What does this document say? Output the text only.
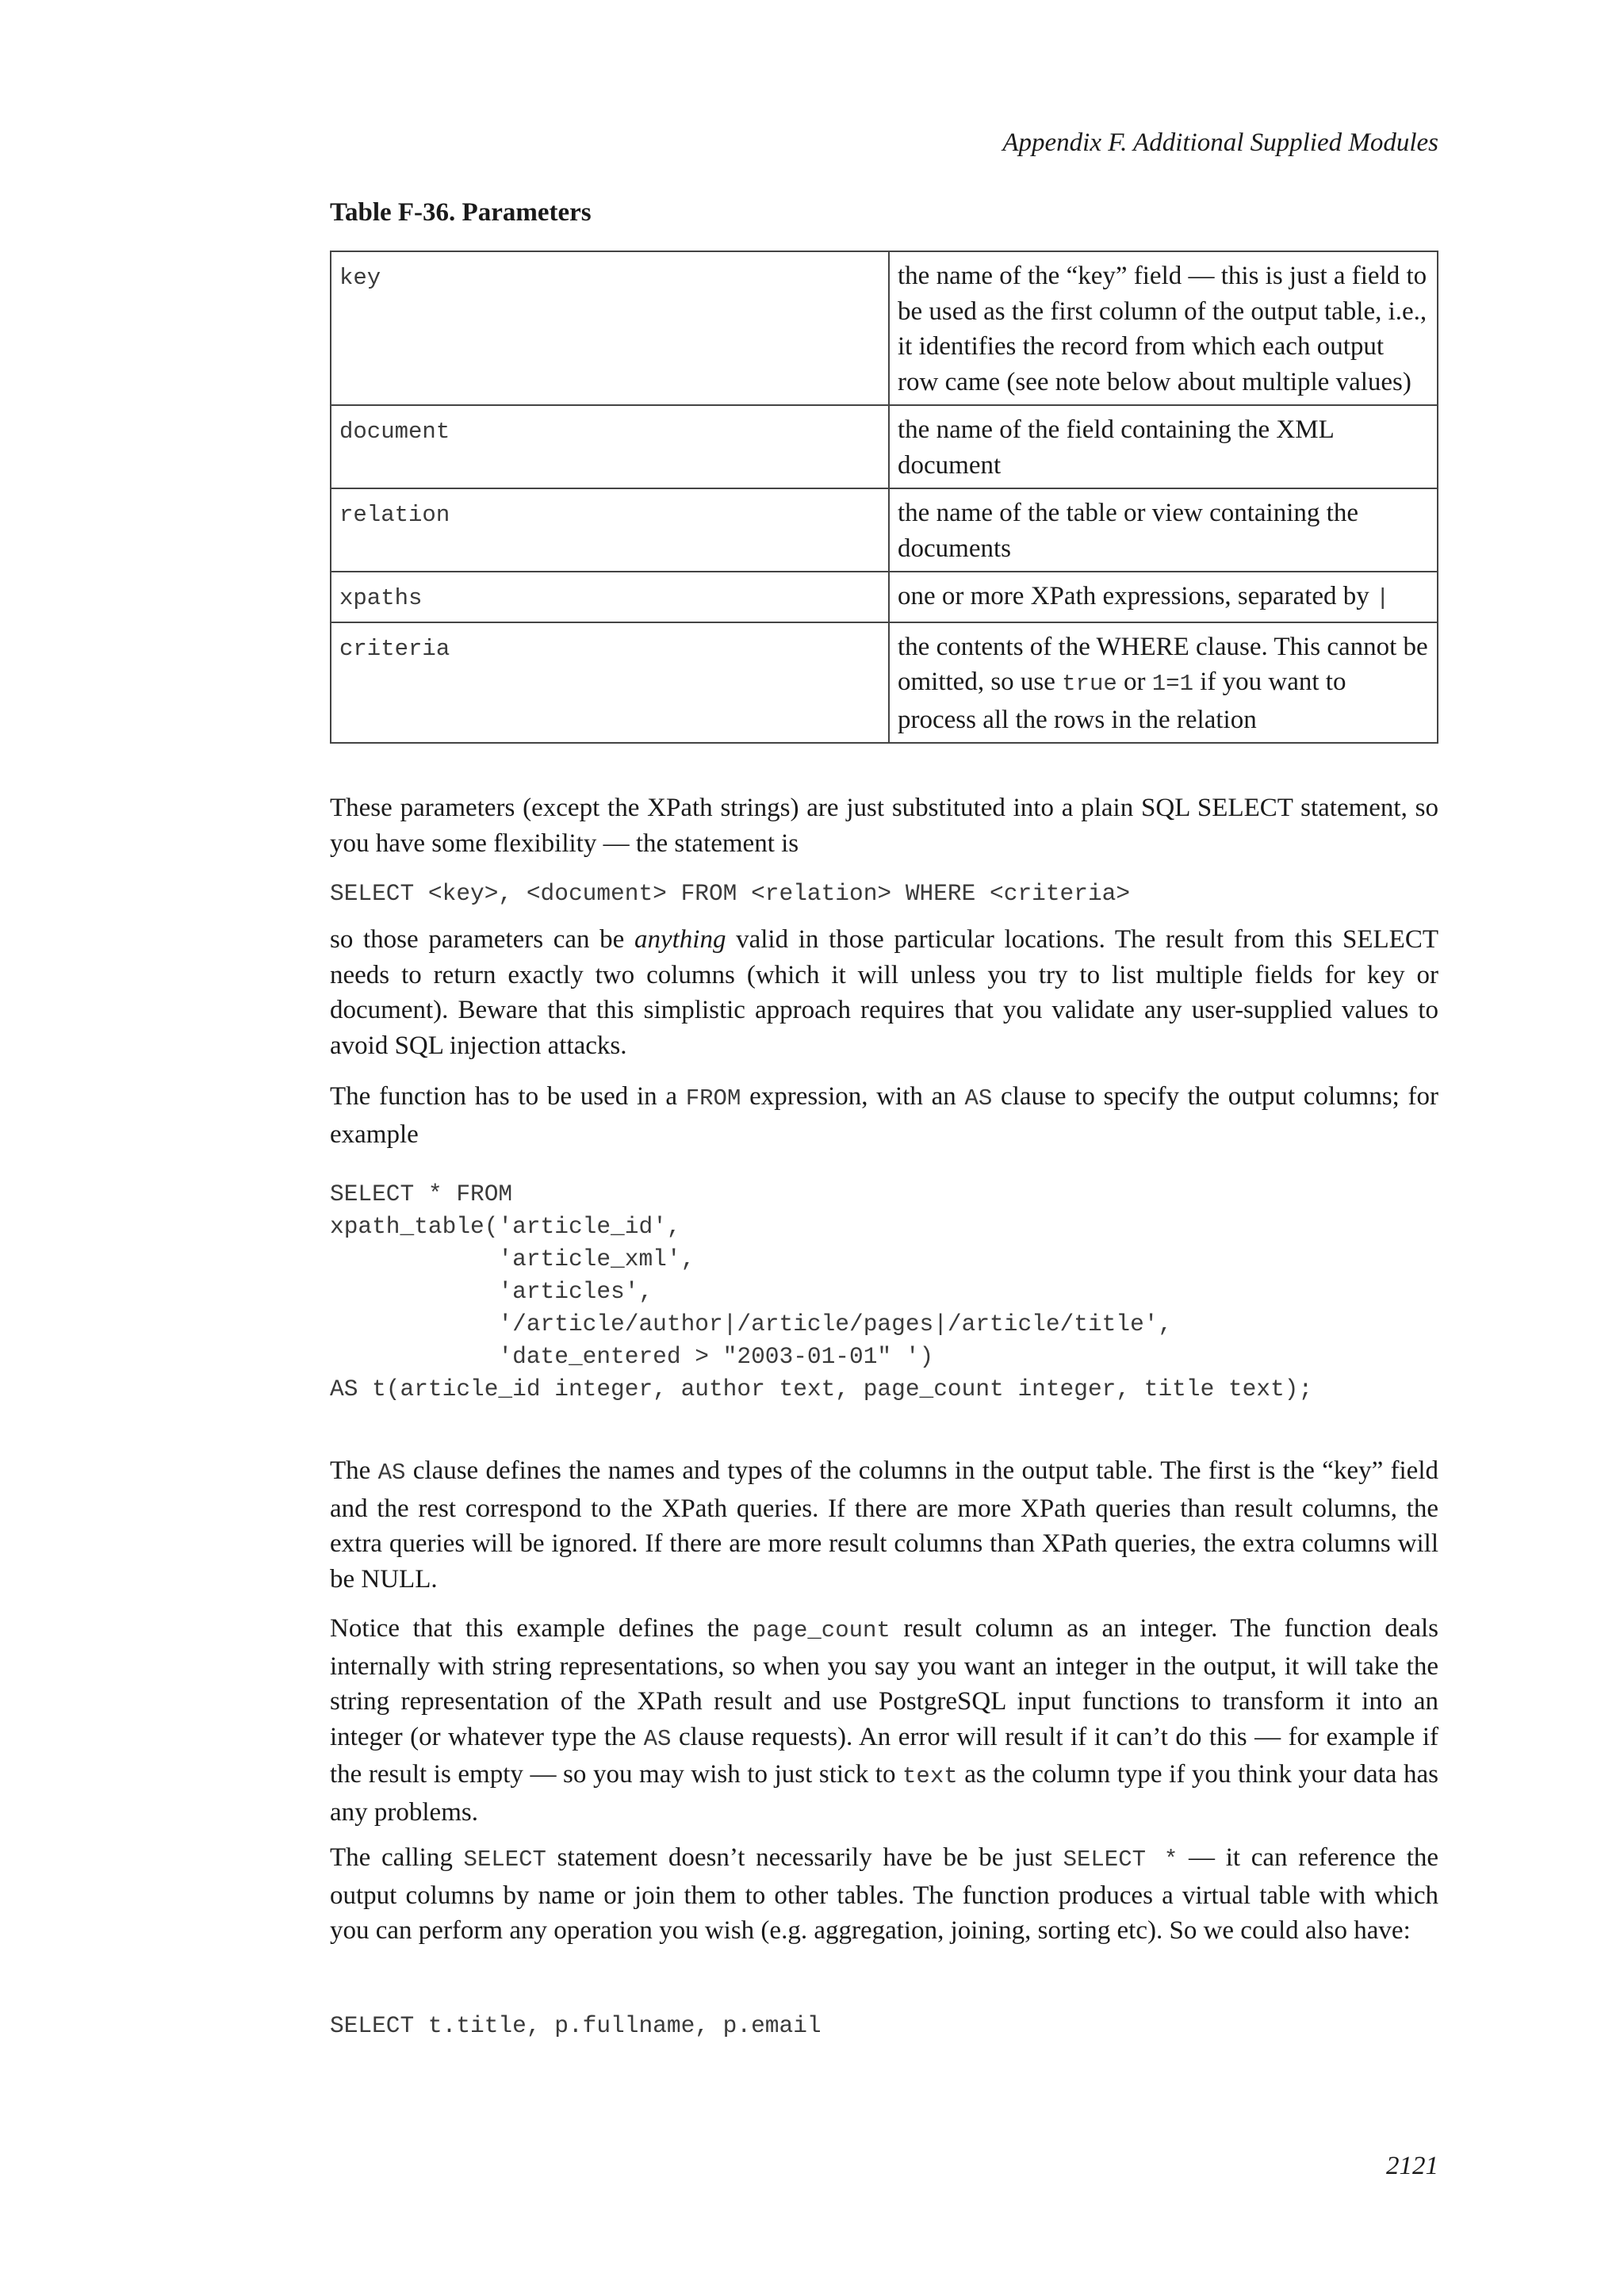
Appendix F. Additional Supplied Modules
Table F-36. Parameters
key	the name of the “key” field — this is just a field to be used as the first column of the output table, i.e., it identifies the record from which each output row came (see note below about multiple values)
document	the name of the field containing the XML document
relation	the name of the table or view containing the documents
xpaths	one or more XPath expressions, separated by |
criteria	the contents of the WHERE clause. This cannot be omitted, so use true or 1=1 if you want to process all the rows in the relation

These parameters (except the XPath strings) are just substituted into a plain SQL SELECT statement, so you have some flexibility — the statement is

SELECT <key>, <document> FROM <relation> WHERE <criteria>

so those parameters can be anything valid in those particular locations. The result from this SELECT needs to return exactly two columns (which it will unless you try to list multiple fields for key or document). Beware that this simplistic approach requires that you validate any user-supplied values to avoid SQL injection attacks.

The function has to be used in a FROM expression, with an AS clause to specify the output columns; for example

SELECT * FROM
xpath_table('article_id',
'article_xml',
'articles',
'/article/author|/article/pages|/article/title',
'date_entered > "2003-01-01" ')
AS t(article_id integer, author text, page_count integer, title text);

The AS clause defines the names and types of the columns in the output table. The first is the “key” field and the rest correspond to the XPath queries. If there are more XPath queries than result columns, the extra queries will be ignored. If there are more result columns than XPath queries, the extra columns will be NULL.

Notice that this example defines the page_count result column as an integer. The function deals internally with string representations, so when you say you want an integer in the output, it will take the string representation of the XPath result and use PostgreSQL input functions to transform it into an integer (or whatever type the AS clause requests). An error will result if it can’t do this — for example if the result is empty — so you may wish to just stick to text as the column type if you think your data has any problems.

The calling SELECT statement doesn’t necessarily have be be just SELECT * — it can reference the output columns by name or join them to other tables. The function produces a virtual table with which you can perform any operation you wish (e.g. aggregation, joining, sorting etc). So we could also have:

SELECT t.title, p.fullname, p.email
2121
